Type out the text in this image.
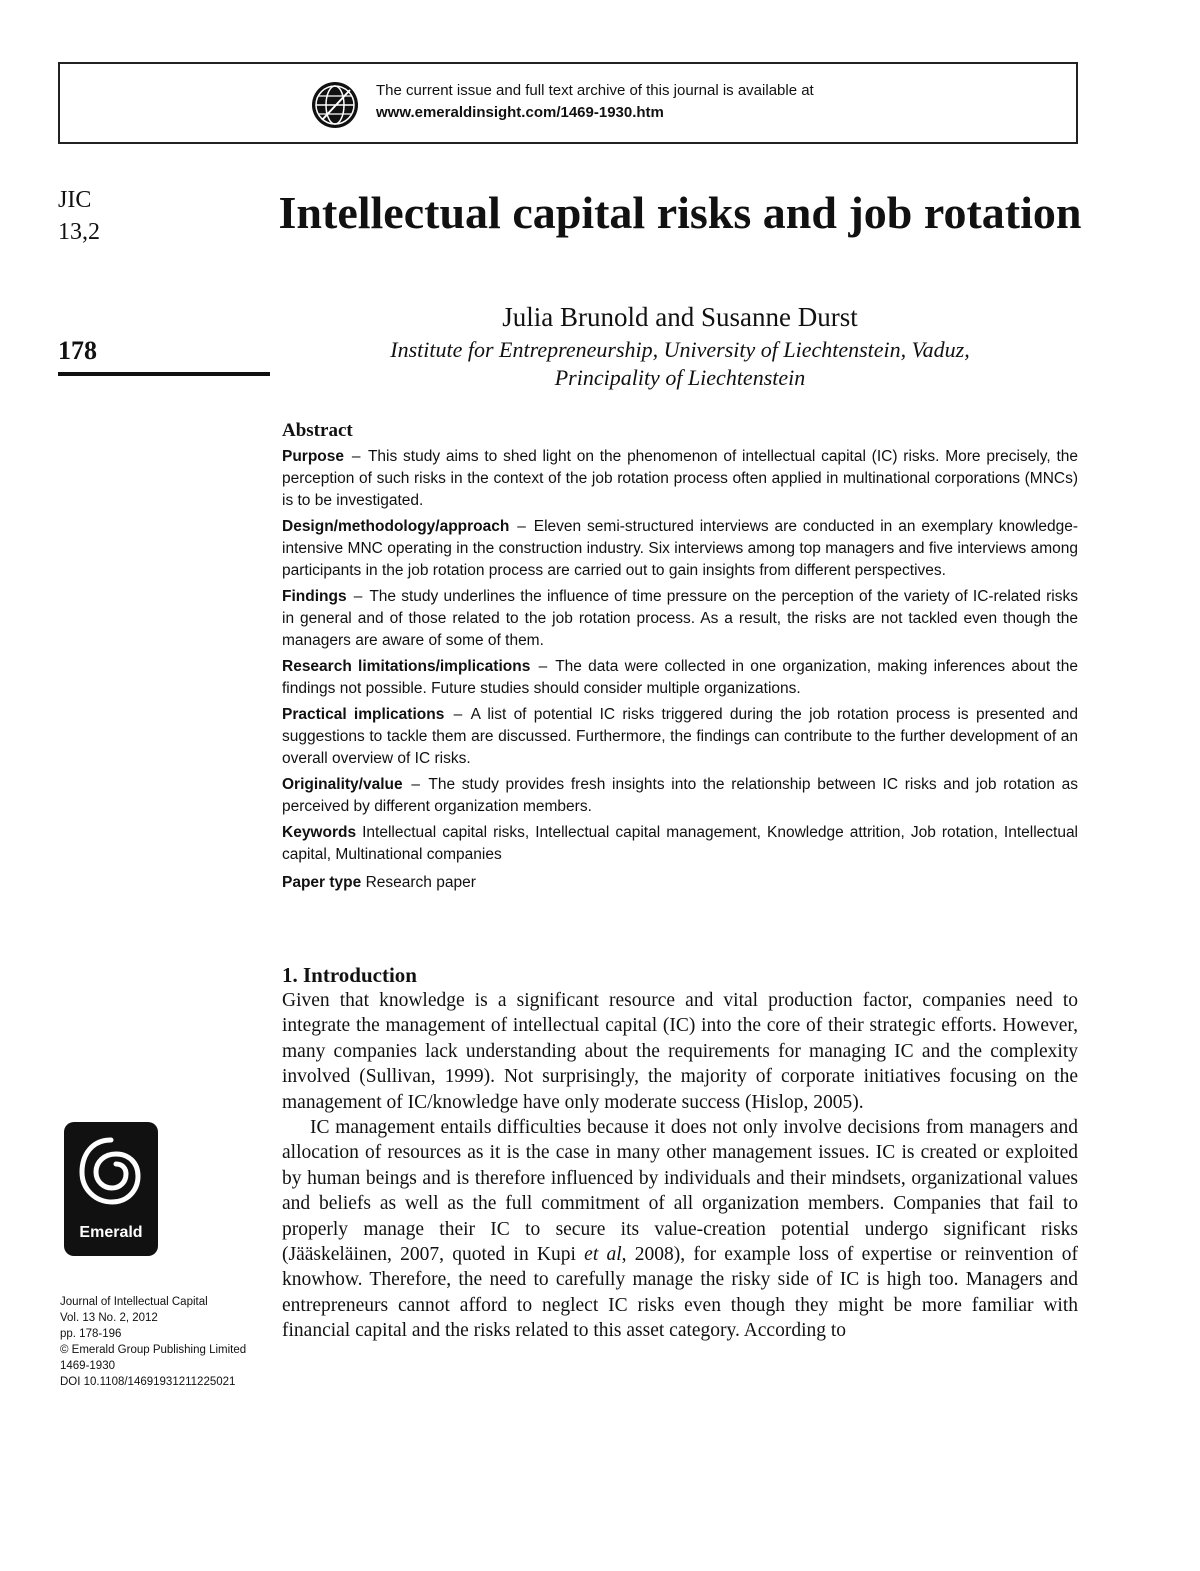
The current issue and full text archive of this journal is available at
www.emeraldinsight.com/1469-1930.htm
JIC
13,2
178
Intellectual capital risks and job rotation
Julia Brunold and Susanne Durst
Institute for Entrepreneurship, University of Liechtenstein, Vaduz,
Principality of Liechtenstein
Abstract

Purpose – This study aims to shed light on the phenomenon of intellectual capital (IC) risks. More precisely, the perception of such risks in the context of the job rotation process often applied in multinational corporations (MNCs) is to be investigated.

Design/methodology/approach – Eleven semi-structured interviews are conducted in an exemplary knowledge-intensive MNC operating in the construction industry. Six interviews among top managers and five interviews among participants in the job rotation process are carried out to gain insights from different perspectives.

Findings – The study underlines the influence of time pressure on the perception of the variety of IC-related risks in general and of those related to the job rotation process. As a result, the risks are not tackled even though the managers are aware of some of them.

Research limitations/implications – The data were collected in one organization, making inferences about the findings not possible. Future studies should consider multiple organizations.

Practical implications – A list of potential IC risks triggered during the job rotation process is presented and suggestions to tackle them are discussed. Furthermore, the findings can contribute to the further development of an overall overview of IC risks.

Originality/value – The study provides fresh insights into the relationship between IC risks and job rotation as perceived by different organization members.

Keywords Intellectual capital risks, Intellectual capital management, Knowledge attrition, Job rotation, Intellectual capital, Multinational companies

Paper type Research paper

1. Introduction

Given that knowledge is a significant resource and vital production factor, companies need to integrate the management of intellectual capital (IC) into the core of their strategic efforts. However, many companies lack understanding about the requirements for managing IC and the complexity involved (Sullivan, 1999). Not surprisingly, the majority of corporate initiatives focusing on the management of IC/knowledge have only moderate success (Hislop, 2005).

IC management entails difficulties because it does not only involve decisions from managers and allocation of resources as it is the case in many other management issues. IC is created or exploited by human beings and is therefore influenced by individuals and their mindsets, organizational values and beliefs as well as the full commitment of all organization members. Companies that fail to properly manage their IC to secure its value-creation potential undergo significant risks (Jääskeläinen, 2007, quoted in Kupi et al, 2008), for example loss of expertise or reinvention of knowhow. Therefore, the need to carefully manage the risky side of IC is high too. Managers and entrepreneurs cannot afford to neglect IC risks even though they might be more familiar with financial capital and the risks related to this asset category. According to

Emerald
Journal of Intellectual Capital
Vol. 13 No. 2, 2012
pp. 178-196
© Emerald Group Publishing Limited
1469-1930
DOI 10.1108/14691931211225021
